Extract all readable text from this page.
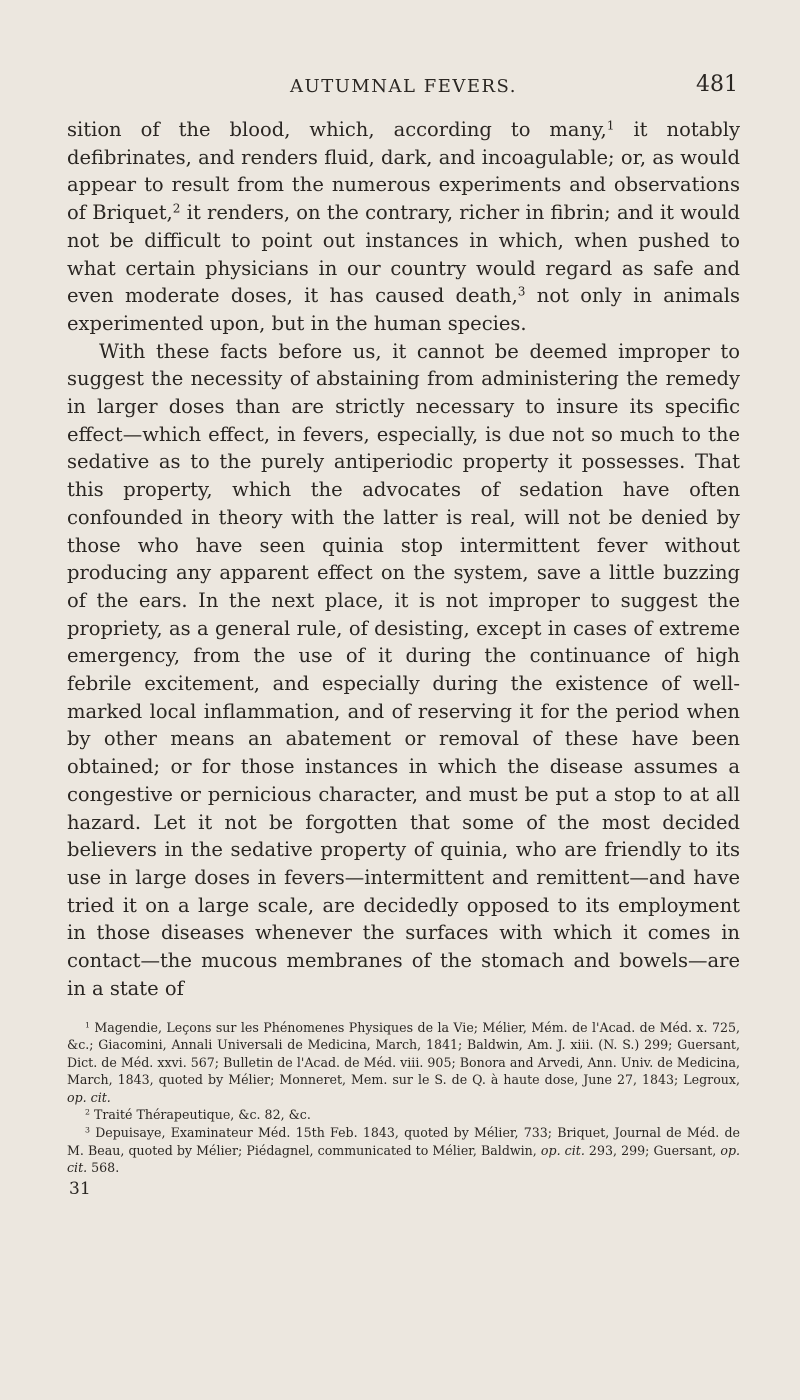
AUTUMNAL FEVERS.	481

sition of the blood, which, according to many,$^1$ it notably defibrinates, and renders fluid, dark, and incoagulable; or, as would appear to result from the numerous experiments and observations of Briquet,$^2$ it renders, on the contrary, richer in fibrin; and it would not be difficult to point out instances in which, when pushed to what certain physicians in our country would regard as safe and even moderate doses, it has caused death,$^3$ not only in animals experimented upon, but in the human species.

With these facts before us, it cannot be deemed improper to suggest the necessity of abstaining from administering the remedy in larger doses than are strictly necessary to insure its specific effect—which effect, in fevers, especially, is due not so much to the sedative as to the purely antiperiodic property it possesses. That this property, which the advocates of sedation have often confounded in theory with the latter is real, will not be denied by those who have seen quinia stop intermittent fever without producing any apparent effect on the system, save a little buzzing of the ears. In the next place, it is not improper to suggest the propriety, as a general rule, of desisting, except in cases of extreme emergency, from the use of it during the continuance of high febrile excitement, and especially during the existence of well-marked local inflammation, and of reserving it for the period when by other means an abatement or removal of these have been obtained; or for those instances in which the disease assumes a congestive or pernicious character, and must be put a stop to at all hazard. Let it not be forgotten that some of the most decided believers in the sedative property of quinia, who are friendly to its use in large doses in fevers—intermittent and remittent—and have tried it on a large scale, are decidedly opposed to its employment in those diseases whenever the surfaces with which it comes in contact—the mucous membranes of the stomach and bowels—are in a state of

$^1$ Magendie, Leçons sur les Phénomenes Physiques de la Vie; Mélier, Mém. de l'Acad. de Méd. x. 725, &c.; Giacomini, Annali Universali de Medicina, March, 1841; Baldwin, Am. J. xiii. (N. S.) 299; Guersant, Dict. de Méd. xxvi. 567; Bulletin de l'Acad. de Méd. viii. 905; Bonora and Arvedi, Ann. Univ. de Medicina, March, 1843, quoted by Mélier; Monneret, Mem. sur le S. de Q. à haute dose, June 27, 1843; Legroux, op. cit.

$^2$ Traité Thérapeutique, &c. 82, &c.

$^3$ Depuisaye, Examinateur Méd. 15th Feb. 1843, quoted by Mélier, 733; Briquet, Journal de Méd. de M. Beau, quoted by Mélier; Piédagnel, communicated to Mélier, Baldwin, op. cit. 293, 299; Guersant, op. cit. 568.

31
